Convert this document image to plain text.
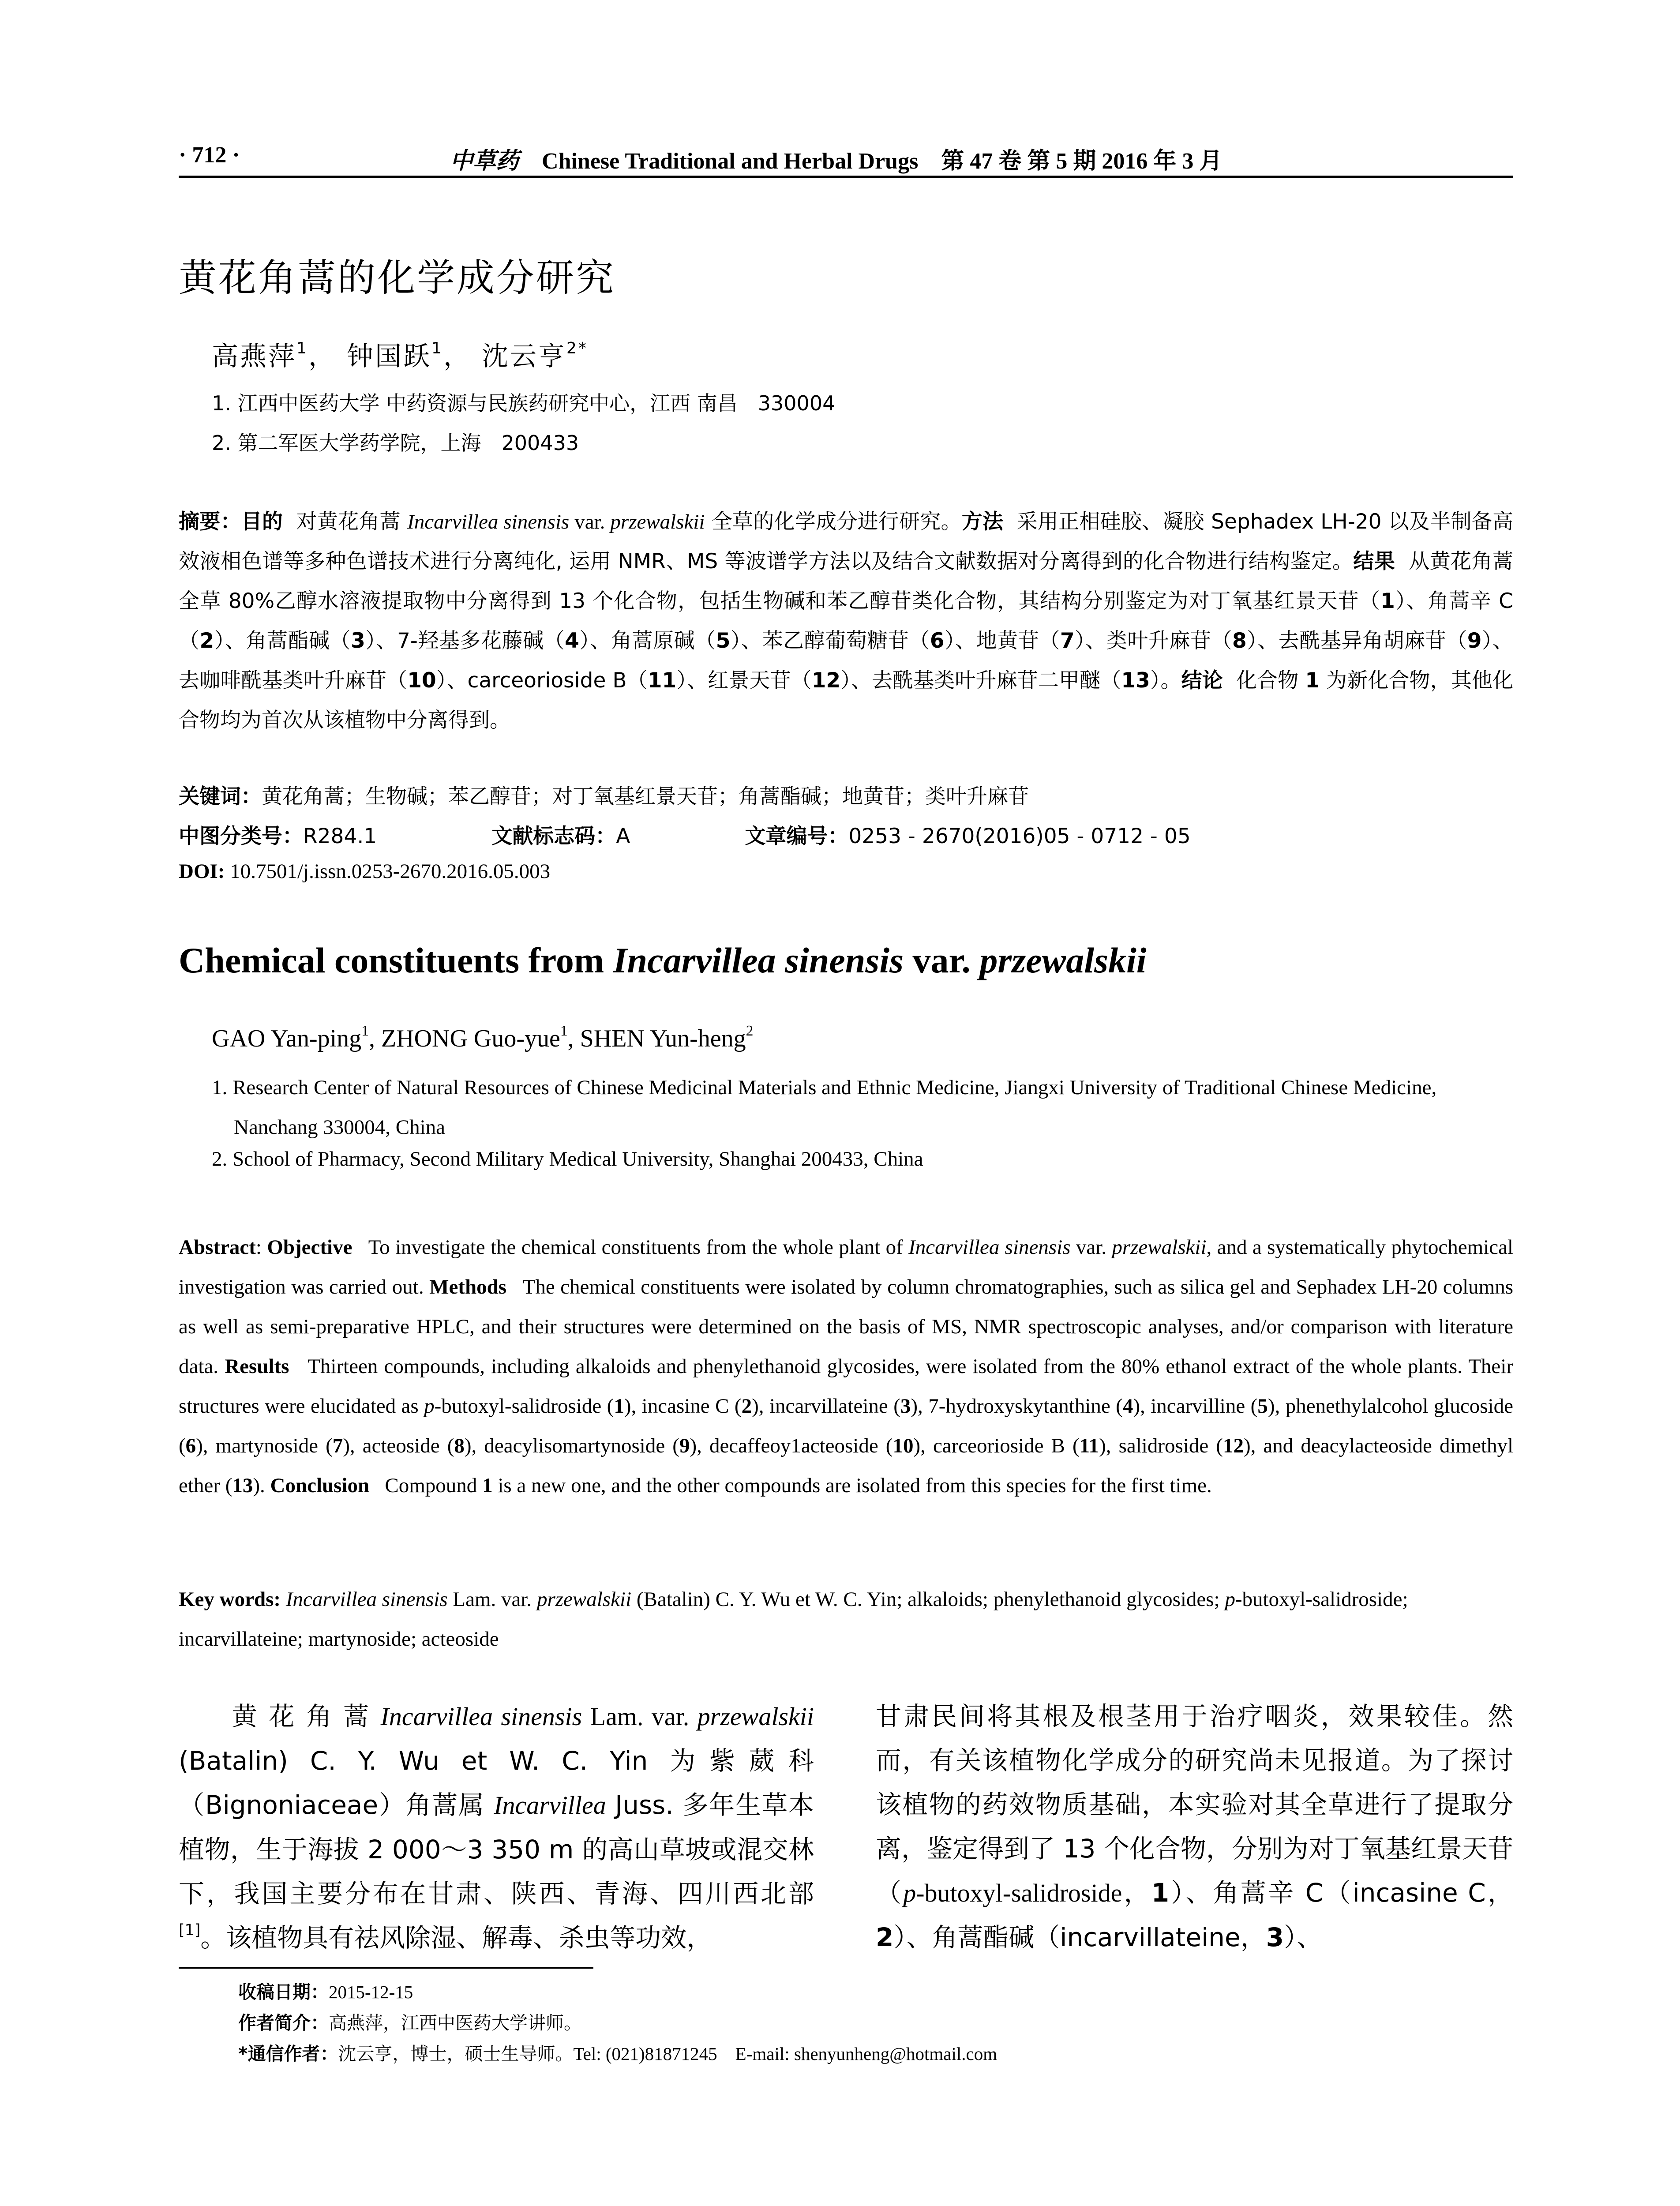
· 712 ·	中草药 Chinese Traditional and Herbal Drugs 第 47 卷 第 5 期 2016 年 3 月
黄花角蒿的化学成分研究
高燕萍$^1$， 钟国跃$^1$， 沈云亨$^{2*}$
1. 江西中医药大学 中药资源与民族药研究中心，江西 南昌　330004
2. 第二军医大学药学院，上海　200433
摘要：目的 对黄花角蒿 Incarvillea sinensis var. przewalskii 全草的化学成分进行研究。方法 采用正相硅胶、凝胶 Sephadex LH-20 以及半制备高效液相色谱等多种色谱技术进行分离纯化, 运用 NMR、MS 等波谱学方法以及结合文献数据对分离得到的化合物进行结构鉴定。结果 从黄花角蒿全草 80%乙醇水溶液提取物中分离得到 13 个化合物，包括生物碱和苯乙醇苷类化合物，其结构分别鉴定为对丁氧基红景天苷（1）、角蒿辛 C（2）、角蒿酯碱（3）、7-羟基多花藤碱（4）、角蒿原碱（5）、苯乙醇葡萄糖苷（6）、地黄苷（7）、类叶升麻苷（8）、去酰基异角胡麻苷（9）、去咖啡酰基类叶升麻苷（10）、carceorioside B（11）、红景天苷（12）、去酰基类叶升麻苷二甲醚（13）。结论 化合物 1 为新化合物，其他化合物均为首次从该植物中分离得到。
关键词：黄花角蒿；生物碱；苯乙醇苷；对丁氧基红景天苷；角蒿酯碱；地黄苷；类叶升麻苷
中图分类号：R284.1	文献标志码：A	文章编号：0253 - 2670(2016)05 - 0712 - 05
DOI: 10.7501/j.issn.0253-2670.2016.05.003
Chemical constituents from Incarvillea sinensis var. przewalskii
GAO Yan-ping$^1$, ZHONG Guo-yue$^1$, SHEN Yun-heng$^2$
1. Research Center of Natural Resources of Chinese Medicinal Materials and Ethnic Medicine, Jiangxi University of Traditional Chinese Medicine, Nanchang 330004, China
2. School of Pharmacy, Second Military Medical University, Shanghai 200433, China
Abstract: Objective To investigate the chemical constituents from the whole plant of Incarvillea sinensis var. przewalskii, and a systematically phytochemical investigation was carried out. Methods The chemical constituents were isolated by column chromatographies, such as silica gel and Sephadex LH-20 columns as well as semi-preparative HPLC, and their structures were determined on the basis of MS, NMR spectroscopic analyses, and/or comparison with literature data. Results Thirteen compounds, including alkaloids and phenylethanoid glycosides, were isolated from the 80% ethanol extract of the whole plants. Their structures were elucidated as p-butoxyl-salidroside (1), incasine C (2), incarvillateine (3), 7-hydroxyskytanthine (4), incarvilline (5), phenethylalcohol glucoside (6), martynoside (7), acteoside (8), deacylisomartynoside (9), decaffeoy1acteoside (10), carceorioside B (11), salidroside (12), and deacylacteoside dimethyl ether (13). Conclusion Compound 1 is a new one, and the other compounds are isolated from this species for the first time.
Key words: Incarvillea sinensis Lam. var. przewalskii (Batalin) C. Y. Wu et W. C. Yin; alkaloids; phenylethanoid glycosides; p-butoxyl-salidroside; incarvillateine; martynoside; acteoside
黄 花 角 蒿 Incarvillea sinensis Lam. var. przewalskii (Batalin) C. Y. Wu et W. C. Yin 为紫葳科（Bignoniaceae）角蒿属 Incarvillea Juss. 多年生草本植物，生于海拔 2 000～3 350 m 的高山草坡或混交林下，我国主要分布在甘肃、陕西、青海、四川西北部[1]。该植物具有祛风除湿、解毒、杀虫等功效，
甘肃民间将其根及根茎用于治疗咽炎，效果较佳。然而，有关该植物化学成分的研究尚未见报道。为了探讨该植物的药效物质基础，本实验对其全草进行了提取分离，鉴定得到了 13 个化合物，分别为对丁氧基红景天苷（p-butoxyl-salidroside，1）、角蒿辛 C（incasine C，2）、角蒿酯碱（incarvillateine，3）、
收稿日期：2015-12-15
作者简介：高燕萍，江西中医药大学讲师。
*通信作者：沈云亨，博士，硕士生导师。Tel: (021)81871245　E-mail: shenyunheng@hotmail.com
